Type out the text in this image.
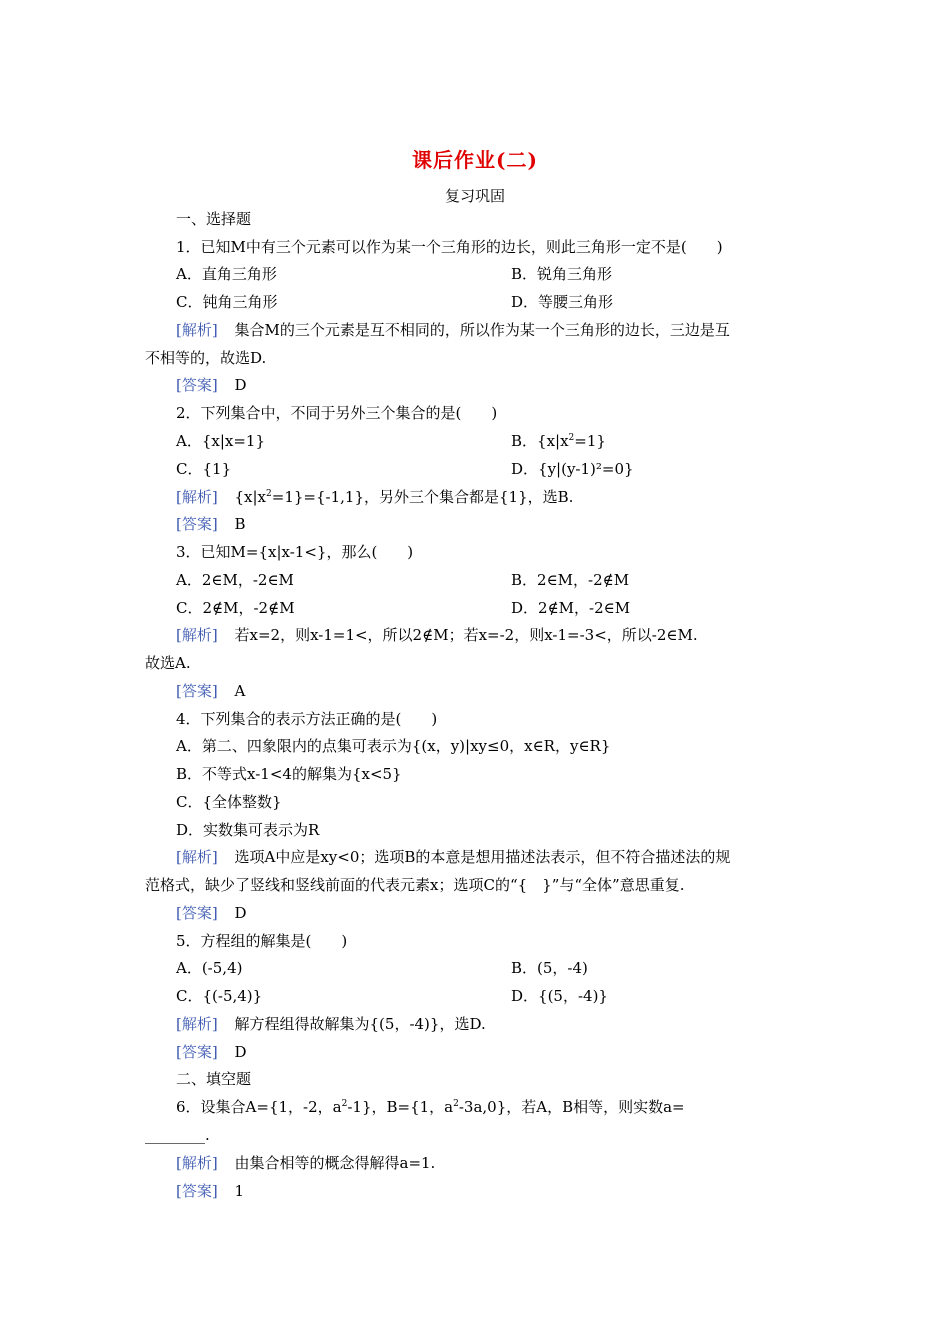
课后作业(二)
复习巩固
一、选择题
1．已知M中有三个元素可以作为某一个三角形的边长，则此三角形一定不是(　　)
A．直角三角形	B．锐角三角形
C．钝角三角形	D．等腰三角形
[解析] 集合M的三个元素是互不相同的，所以作为某一个三角形的边长，三边是互
不相等的，故选D.
[答案] D
2．下列集合中，不同于另外三个集合的是(　　)
A．{x|x=1}	B．$\{x|x^2=1\}$
C．{1}	D．{y|(y-1)²=0}
[解析] $\{x|x^2=1\}=\{-1,1\}$，另外三个集合都是{1}，选B.
[答案] B
3．已知M={x|x-1<}，那么(　　)
A．2∈M，-2∈M	B．2∈M，-2∉M
C．2∉M，-2∉M	D．2∉M，-2∈M
[解析] 若x=2，则x-1=1<，所以2∉M；若x=-2，则x-1=-3<，所以-2∈M.
故选A.
[答案] A
4．下列集合的表示方法正确的是(　　)
A．第二、四象限内的点集可表示为{(x，y)|xy≤0，x∈R，y∈R}
B．不等式x-1<4的解集为{x<5}
C．{全体整数}
D．实数集可表示为R
[解析] 选项A中应是xy<0；选项B的本意是想用描述法表示，但不符合描述法的规
范格式，缺少了竖线和竖线前面的代表元素x；选项C的“{　}”与“全体”意思重复.
[答案] D
5．方程组的解集是(　　)
A．(-5,4)	B．(5，-4)
C．{(-5,4)}	D．{(5，-4)}
[解析] 解方程组得故解集为{(5，-4)}，选D.
[答案] D
二、填空题
6．设集合A={1，-2，$a^2-1$}，B={1，$a^2-3a,0$}，若A，B相等，则实数a=
________.
[解析] 由集合相等的概念得解得a=1.
[答案] 1
